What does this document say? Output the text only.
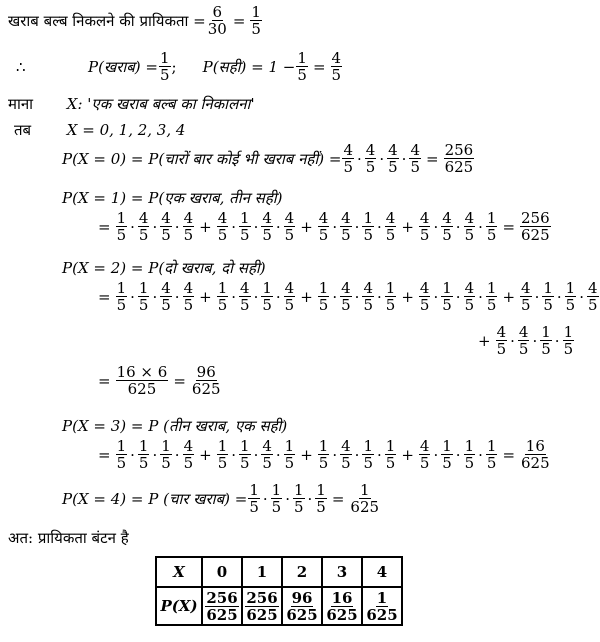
खराब बल्ब निकलने की प्रायिकता = $\frac{6}{30} = \frac{1}{5}$
∴	P(खराब) = $\frac{1}{5}$ ; P(सही) = $1 - \frac{1}{5} = \frac{4}{5}$
माना X: 'एक खराब बल्ब का निकालना'
तब X = 0, 1, 2, 3, 4
P(X = 0) = P(चारों बार कोई भी खराब नहीं) = $\frac{4}{5} \cdot \frac{4}{5} \cdot \frac{4}{5} \cdot \frac{4}{5} = \frac{256}{625}$
P(X = 1) = P(एक खराब, तीन सही)
= $\frac{1}{5} \cdot \frac{4}{5} \cdot \frac{4}{5} \cdot \frac{4}{5} + \frac{4}{5} \cdot \frac{1}{5} \cdot \frac{4}{5} \cdot \frac{4}{5} + \frac{4}{5} \cdot \frac{4}{5} \cdot \frac{1}{5} \cdot \frac{4}{5} + \frac{4}{5} \cdot \frac{4}{5} \cdot \frac{4}{5} \cdot \frac{1}{5} = \frac{256}{625}$
P(X = 2) = P(दो खराब, दो सही)
= $\frac{1}{5} \cdot \frac{1}{5} \cdot \frac{4}{5} \cdot \frac{4}{5} + \frac{1}{5} \cdot \frac{4}{5} \cdot \frac{1}{5} \cdot \frac{4}{5} + \frac{1}{5} \cdot \frac{4}{5} \cdot \frac{4}{5} \cdot \frac{1}{5} + \frac{4}{5} \cdot \frac{1}{5} \cdot \frac{4}{5} \cdot \frac{1}{5} + \frac{4}{5} \cdot \frac{1}{5} \cdot \frac{1}{5} \cdot \frac{4}{5}$
+ $\frac{4}{5} \cdot \frac{4}{5} \cdot \frac{1}{5} \cdot \frac{1}{5}$
= $\frac{16 \times 6}{625} = \frac{96}{625}$
P(X = 3) = P (तीन खराब, एक सही)
= $\frac{1}{5} \cdot \frac{1}{5} \cdot \frac{1}{5} \cdot \frac{4}{5} + \frac{1}{5} \cdot \frac{1}{5} \cdot \frac{4}{5} \cdot \frac{1}{5} + \frac{1}{5} \cdot \frac{4}{5} \cdot \frac{1}{5} \cdot \frac{1}{5} + \frac{4}{5} \cdot \frac{1}{5} \cdot \frac{1}{5} \cdot \frac{1}{5} = \frac{16}{625}$
P(X = 4) = P (चार खराब) = $\frac{1}{5} \cdot \frac{1}{5} \cdot \frac{1}{5} \cdot \frac{1}{5} = \frac{1}{625}$
अत: प्रायिकता बंटन है
X	0	1	2	3	4
P(X)	$\frac{256}{625}$	$\frac{256}{625}$	$\frac{96}{625}$	$\frac{16}{625}$	$\frac{1}{625}$
